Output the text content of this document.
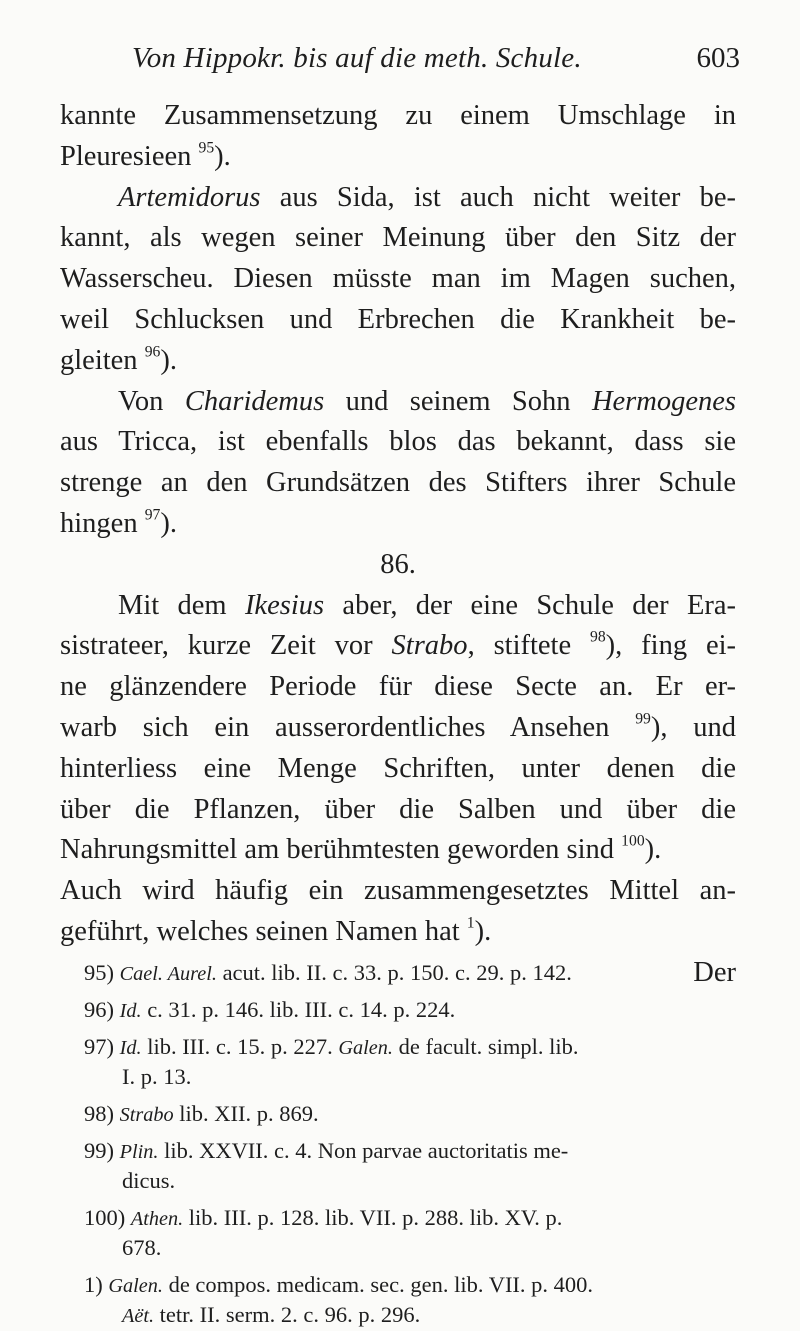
Von Hippokr. bis auf die meth. Schule.	603
kannte Zusammensetzung zu einem Umschlage in
Pleuresieen $^{95}$).
Artemidorus aus Sida, ist auch nicht weiter be-
kannt, als wegen seiner Meinung über den Sitz der
Wasserscheu. Diesen müsste man im Magen suchen,
weil Schlucksen und Erbrechen die Krankheit be-
gleiten $^{96}$).
Von Charidemus und seinem Sohn Hermogenes
aus Tricca, ist ebenfalls blos das bekannt, dass sie
strenge an den Grundsätzen des Stifters ihrer Schule
hingen $^{97}$).
86.
Mit dem Ikesius aber, der eine Schule der Era-
sistrateer, kurze Zeit vor Strabo, stiftete $^{98}$), fing ei-
ne glänzendere Periode für diese Secte an. Er er-
warb sich ein ausserordentliches Ansehen $^{99}$), und
hinterliess eine Menge Schriften, unter denen die
über die Pflanzen, über die Salben und über die
Nahrungsmittel am berühmtesten geworden sind $^{100}$).
Auch wird häufig ein zusammengesetztes Mittel an-
geführt, welches seinen Namen hat $^1$).
Der
95) Cael. Aurel. acut. lib. II. c. 33. p. 150. c. 29. p. 142.
96) Id. c. 31. p. 146. lib. III. c. 14. p. 224.
97) Id. lib. III. c. 15. p. 227. Galen. de facult. simpl. lib.
I. p. 13.
98) Strabo lib. XII. p. 869.
99) Plin. lib. XXVII. c. 4. Non parvae auctoritatis me-
dicus.
100) Athen. lib. III. p. 128. lib. VII. p. 288. lib. XV. p.
678.
1) Galen. de compos. medicam. sec. gen. lib. VII. p. 400.
Aët. tetr. II. serm. 2. c. 96. p. 296.
